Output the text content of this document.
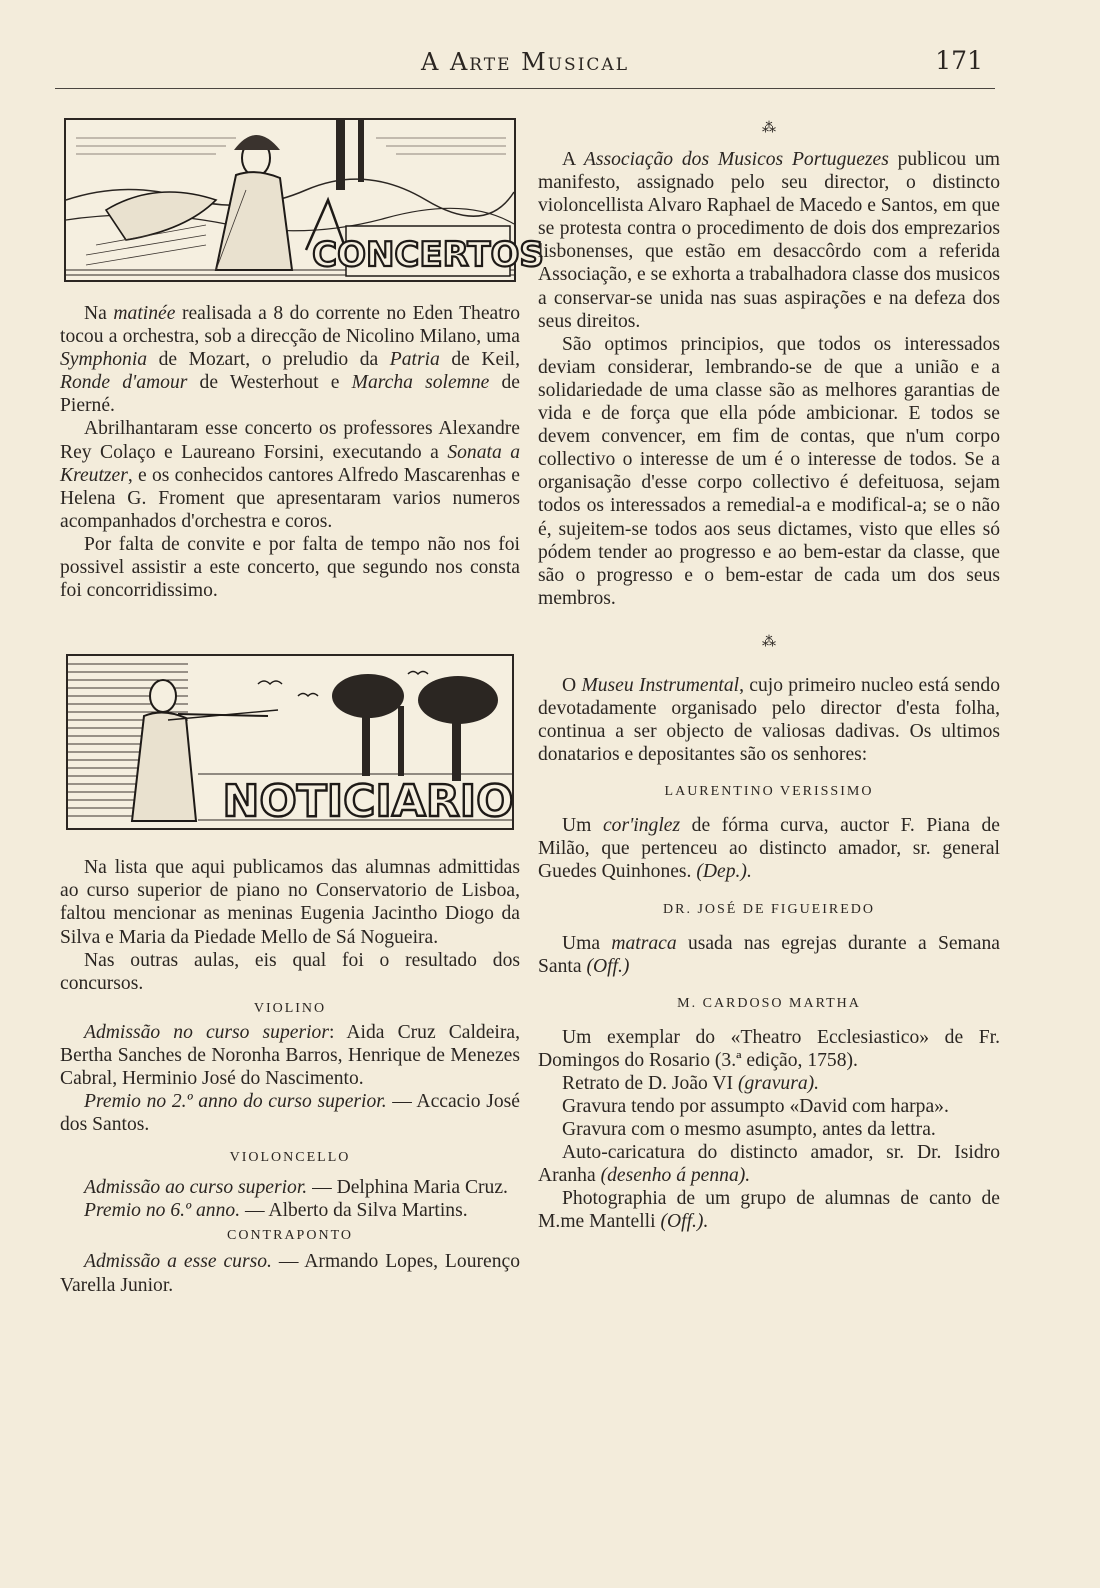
A Arte Musical	171
CONCERTOS

Na matinée realisada a 8 do corrente no Eden Theatro tocou a orchestra, sob a direcção de Nicolino Milano, uma Symphonia de Mozart, o preludio da Patria de Keil, Ronde d'amour de Westerhout e Marcha solemne de Pierné.

Abrilhantaram esse concerto os professores Alexandre Rey Colaço e Laureano Forsini, executando a Sonata a Kreutzer, e os conhecidos cantores Alfredo Mascarenhas e Helena G. Froment que apresentaram varios numeros acompanhados d'orchestra e coros.

Por falta de convite e por falta de tempo não nos foi possivel assistir a este concerto, que segundo nos consta foi concorridissimo.

NOTICIARIO

Na lista que aqui publicamos das alumnas admittidas ao curso superior de piano no Conservatorio de Lisboa, faltou mencionar as meninas Eugenia Jacintho Diogo da Silva e Maria da Piedade Mello de Sá Nogueira.

Nas outras aulas, eis qual foi o resultado dos concursos.

VIOLINO

Admissão no curso superior: Aida Cruz Caldeira, Bertha Sanches de Noronha Barros, Henrique de Menezes Cabral, Herminio José do Nascimento.

Premio no 2.º anno do curso superior. — Accacio José dos Santos.

VIOLONCELLO

Admissão ao curso superior. — Delphina Maria Cruz.

Premio no 6.º anno. — Alberto da Silva Martins.

CONTRAPONTO

Admissão a esse curso. — Armando Lopes, Lourenço Varella Junior.

⁂

A Associação dos Musicos Portuguezes publicou um manifesto, assignado pelo seu director, o distincto violoncellista Alvaro Raphael de Macedo e Santos, em que se protesta contra o procedimento de dois dos emprezarios lisbonenses, que estão em desaccôrdo com a referida Associação, e se exhorta a trabalhadora classe dos musicos a conservar-se unida nas suas aspirações e na defeza dos seus direitos.

São optimos principios, que todos os interessados deviam considerar, lembrando-se de que a união e a solidariedade de uma classe são as melhores garantias de vida e de força que ella póde ambicionar. E todos se devem convencer, em fim de contas, que n'um corpo collectivo o interesse de um é o interesse de todos. Se a organisação d'esse corpo collectivo é defeituosa, sejam todos os interessados a remedial-a e modifical-a; se o não é, sujeitem-se todos aos seus dictames, visto que elles só pódem tender ao progresso e ao bem-estar da classe, que são o progresso e o bem-estar de cada um dos seus membros.

⁂

O Museu Instrumental, cujo primeiro nucleo está sendo devotadamente organisado pelo director d'esta folha, continua a ser objecto de valiosas dadivas. Os ultimos donatarios e depositantes são os senhores:

LAURENTINO VERISSIMO

Um cor'inglez de fórma curva, auctor F. Piana de Milão, que pertenceu ao distincto amador, sr. general Guedes Quinhones. (Dep.).

DR. JOSÉ DE FIGUEIREDO

Uma matraca usada nas egrejas durante a Semana Santa (Off.)

M. CARDOSO MARTHA

Um exemplar do «Theatro Ecclesiastico» de Fr. Domingos do Rosario (3.ª edição, 1758).

Retrato de D. João VI (gravura).

Gravura tendo por assumpto «David com harpa».

Gravura com o mesmo asumpto, antes da lettra.

Auto-caricatura do distincto amador, sr. Dr. Isidro Aranha (desenho á penna).

Photographia de um grupo de alumnas de canto de M.me Mantelli (Off.).
